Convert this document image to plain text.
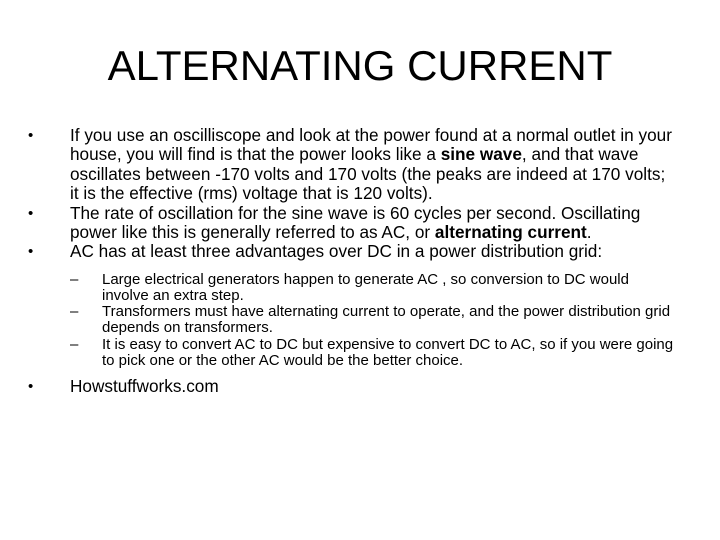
ALTERNATING CURRENT
•	If you use an oscilliscope and look at the power found at a normal outlet in your house, you will find is that the power looks like a sine wave, and that wave oscillates between -170 volts and 170 volts (the peaks are indeed at 170 volts; it is the effective (rms) voltage that is 120 volts).
•	The rate of oscillation for the sine wave is 60 cycles per second. Oscillating power like this is generally referred to as AC, or alternating current.
•	AC has at least three advantages over DC in a power distribution grid:
– Large electrical generators happen to generate AC , so conversion to DC would involve an extra step.
– Transformers must have alternating current to operate, and the power distribution grid depends on transformers.
– It is easy to convert AC to DC but expensive to convert DC to AC, so if you were going to pick one or the other AC would be the better choice.
•	Howstuffworks.com
